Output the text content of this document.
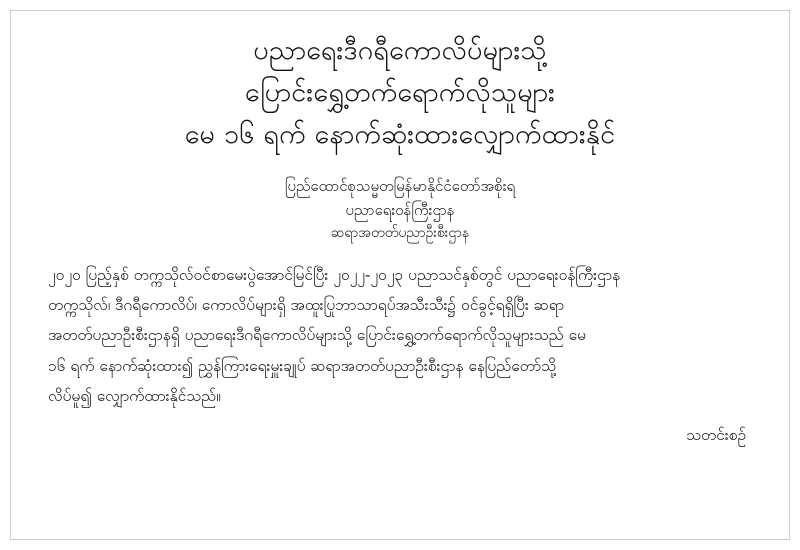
ပညာရေးဒီဂရီကောလိပ်များသို့
ပြောင်းရွှေ့တက်ရောက်လိုသူများ
မေ ၁၆ ရက် နောက်ဆုံးထားလျှောက်ထားနိုင်
ပြည်ထောင်စုသမ္မတမြန်မာနိုင်ငံတော်အစိုးရ
ပညာရေးဝန်ကြီးဌာန
ဆရာအတတ်ပညာဦးစီးဌာန
၂၀၂၀ ပြည့်နှစ် တက္ကသိုလ်ဝင်စာမေးပွဲအောင်မြင်ပြီး ၂၀၂၂-၂၀၂၃ ပညာသင်နှစ်တွင် ပညာရေးဝန်ကြီးဌာန
တက္ကသိုလ်၊ ဒီဂရီကောလိပ်၊ ကောလိပ်များရှိ အထူးပြုဘာသာရပ်အသီးသီး၌ ဝင်ခွင့်ရရှိပြီး ဆရာ
အတတ်ပညာဦးစီးဌာနရှိ ပညာရေးဒီဂရီကောလိပ်များသို့ ပြောင်းရွှေ့တက်ရောက်လိုသူများသည် မေ
၁၆ ရက် နောက်ဆုံးထား၍ ညွှန်ကြားရေးမှူးချုပ် ဆရာအတတ်ပညာဦးစီးဌာန နေပြည်တော်သို့
လိပ်မူ၍ လျှောက်ထားနိုင်သည်။
သတင်းစဉ်
